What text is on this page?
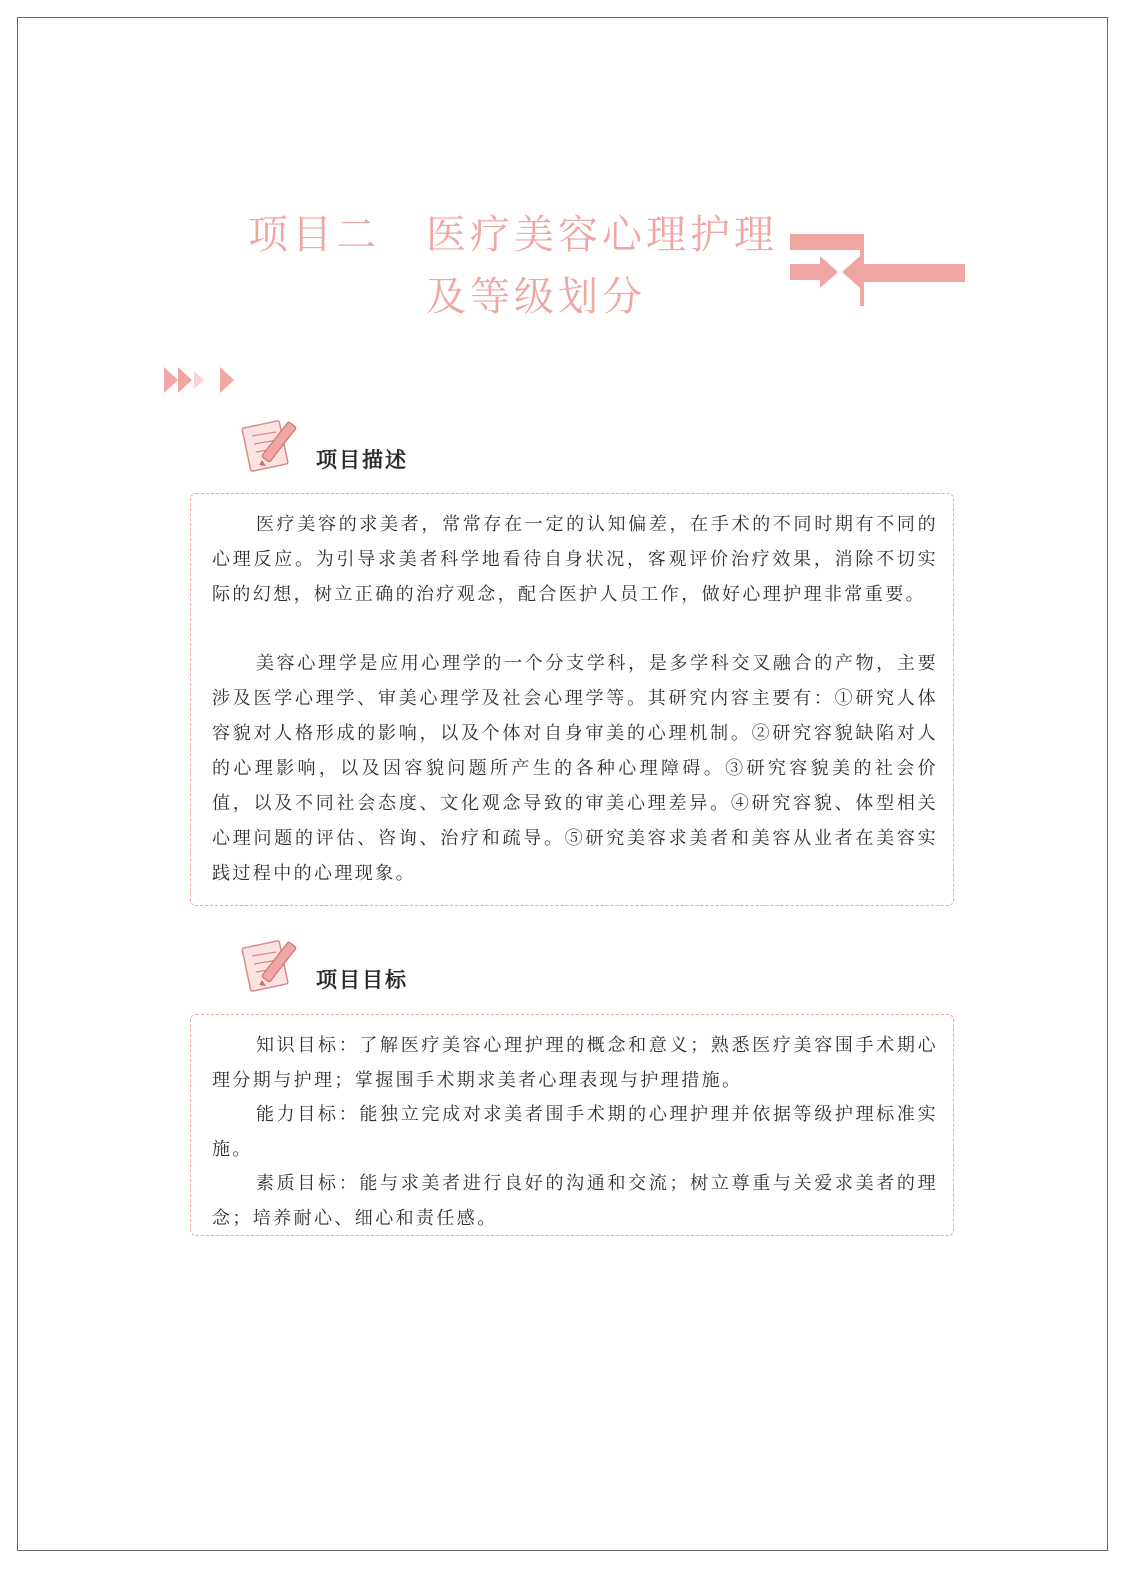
项目二 医疗美容心理护理
及等级划分
项目描述

医疗美容的求美者，常常存在一定的认知偏差，在手术的不同时期有不同的心理反应。为引导求美者科学地看待自身状况，客观评价治疗效果，消除不切实际的幻想，树立正确的治疗观念，配合医护人员工作，做好心理护理非常重要。

美容心理学是应用心理学的一个分支学科，是多学科交叉融合的产物，主要涉及医学心理学、审美心理学及社会心理学等。其研究内容主要有：①研究人体容貌对人格形成的影响，以及个体对自身审美的心理机制。②研究容貌缺陷对人的心理影响，以及因容貌问题所产生的各种心理障碍。③研究容貌美的社会价值，以及不同社会态度、文化观念导致的审美心理差异。④研究容貌、体型相关心理问题的评估、咨询、治疗和疏导。⑤研究美容求美者和美容从业者在美容实践过程中的心理现象。

项目目标

知识目标：了解医疗美容心理护理的概念和意义；熟悉医疗美容围手术期心理分期与护理；掌握围手术期求美者心理表现与护理措施。

能力目标：能独立完成对求美者围手术期的心理护理并依据等级护理标准实施。

素质目标：能与求美者进行良好的沟通和交流；树立尊重与关爱求美者的理念；培养耐心、细心和责任感。
